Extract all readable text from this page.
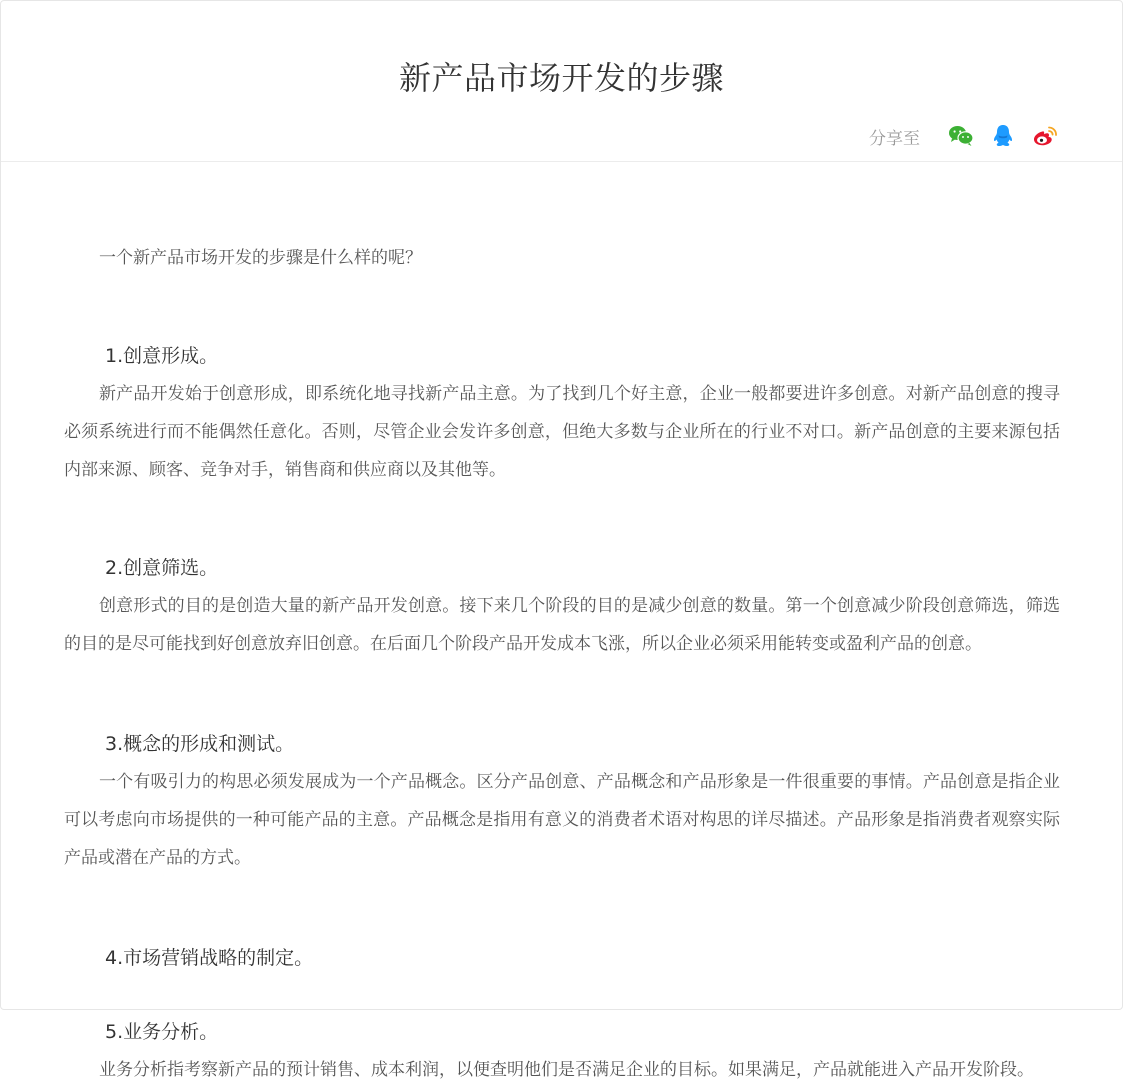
新产品市场开发的步骤
分享至

一个新产品市场开发的步骤是什么样的呢？

1.创意形成。

新产品开发始于创意形成，即系统化地寻找新产品主意。为了找到几个好主意，企业一般都要进许多创意。对新产品创意的搜寻必须系统进行而不能偶然任意化。否则，尽管企业会发许多创意，但绝大多数与企业所在的行业不对口。新产品创意的主要来源包括内部来源、顾客、竞争对手，销售商和供应商以及其他等。

2.创意筛选。

创意形式的目的是创造大量的新产品开发创意。接下来几个阶段的目的是减少创意的数量。第一个创意减少阶段创意筛选，筛选的目的是尽可能找到好创意放弃旧创意。在后面几个阶段产品开发成本飞涨，所以企业必须采用能转变或盈利产品的创意。

3.概念的形成和测试。

一个有吸引力的构思必须发展成为一个产品概念。区分产品创意、产品概念和产品形象是一件很重要的事情。产品创意是指企业可以考虑向市场提供的一种可能产品的主意。产品概念是指用有意义的消费者术语对构思的详尽描述。产品形象是指消费者观察实际产品或潜在产品的方式。

4.市场营销战略的制定。
5.业务分析。

业务分析指考察新产品的预计销售、成本利润，以便查明他们是否满足企业的目标。如果满足，产品就能进入产品开发阶段。
